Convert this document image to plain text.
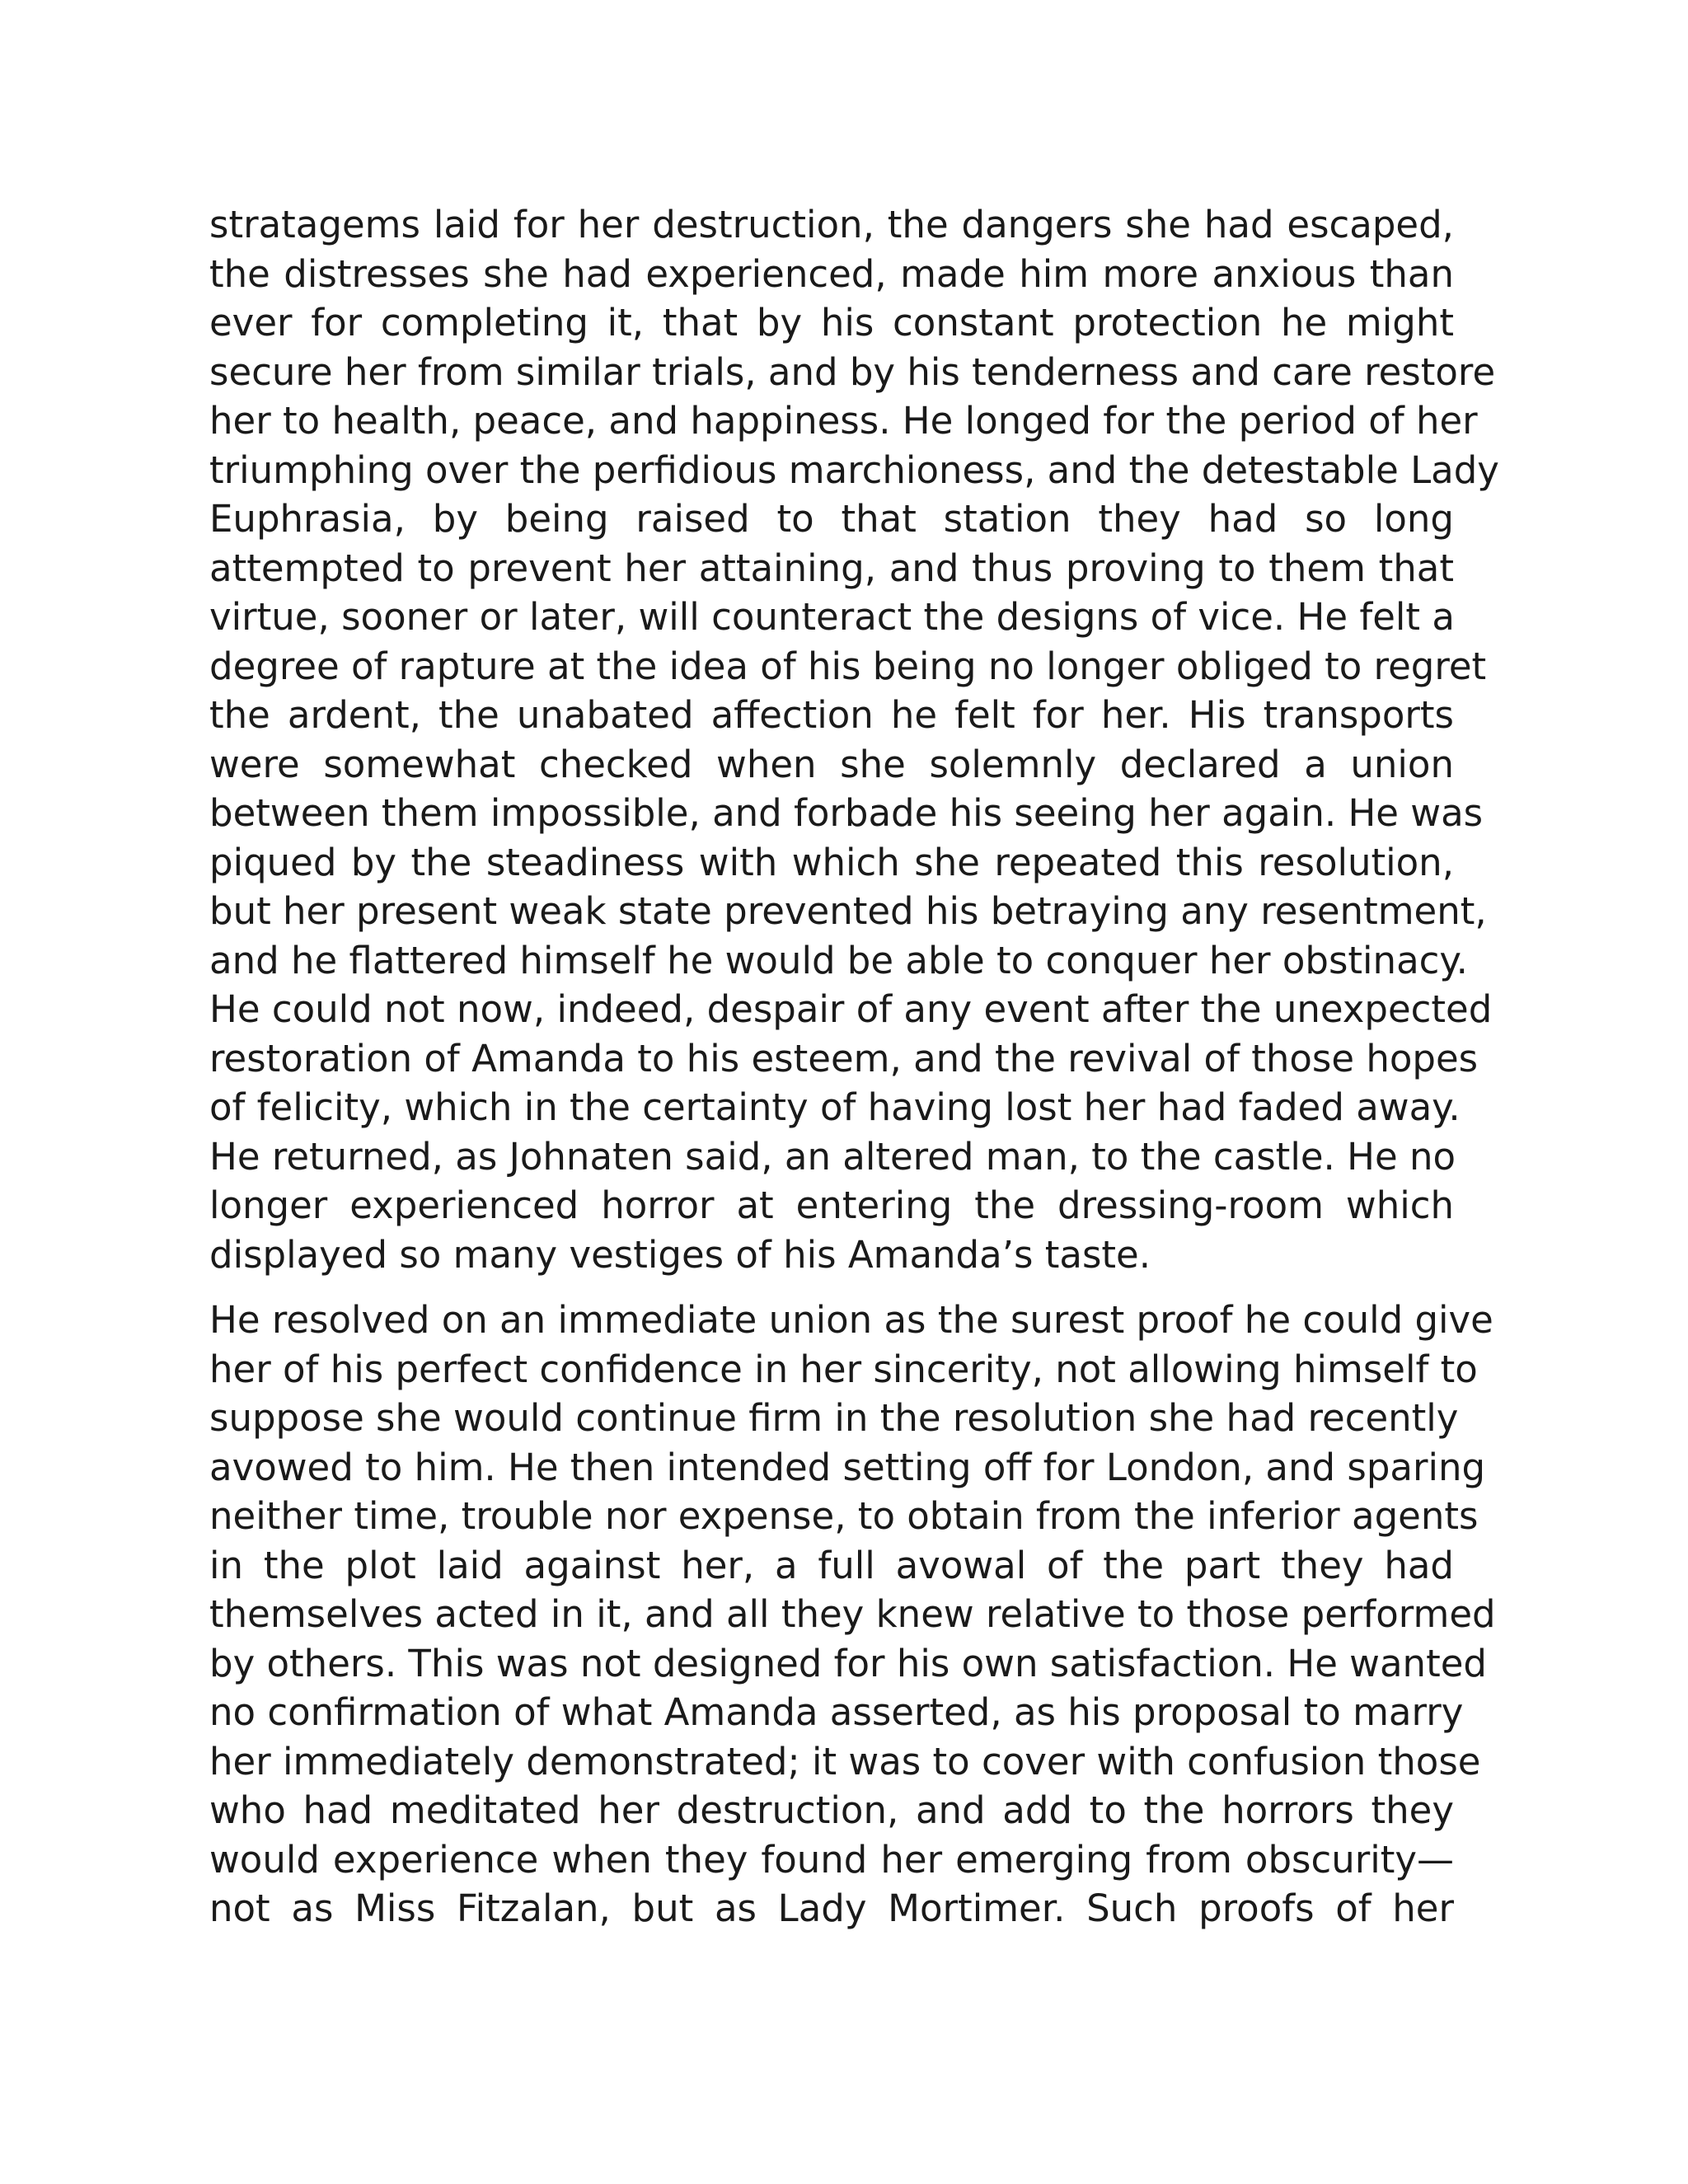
stratagems laid for her destruction, the dangers she had escaped,
the distresses she had experienced, made him more anxious than
ever for completing it, that by his constant protection he might
secure her from similar trials, and by his tenderness and care restore
her to health, peace, and happiness. He longed for the period of her
triumphing over the perfidious marchioness, and the detestable Lady
Euphrasia, by being raised to that station they had so long
attempted to prevent her attaining, and thus proving to them that
virtue, sooner or later, will counteract the designs of vice. He felt a
degree of rapture at the idea of his being no longer obliged to regret
the ardent, the unabated affection he felt for her. His transports
were somewhat checked when she solemnly declared a union
between them impossible, and forbade his seeing her again. He was
piqued by the steadiness with which she repeated this resolution,
but her present weak state prevented his betraying any resentment,
and he flattered himself he would be able to conquer her obstinacy.
He could not now, indeed, despair of any event after the unexpected
restoration of Amanda to his esteem, and the revival of those hopes
of felicity, which in the certainty of having lost her had faded away.
He returned, as Johnaten said, an altered man, to the castle. He no
longer experienced horror at entering the dressing-room which
displayed so many vestiges of his Amanda’s taste.

He resolved on an immediate union as the surest proof he could give
her of his perfect confidence in her sincerity, not allowing himself to
suppose she would continue firm in the resolution she had recently
avowed to him. He then intended setting off for London, and sparing
neither time, trouble nor expense, to obtain from the inferior agents
in the plot laid against her, a full avowal of the part they had
themselves acted in it, and all they knew relative to those performed
by others. This was not designed for his own satisfaction. He wanted
no confirmation of what Amanda asserted, as his proposal to marry
her immediately demonstrated; it was to cover with confusion those
who had meditated her destruction, and add to the horrors they
would experience when they found her emerging from obscurity—
not as Miss Fitzalan, but as Lady Mortimer. Such proofs of her
